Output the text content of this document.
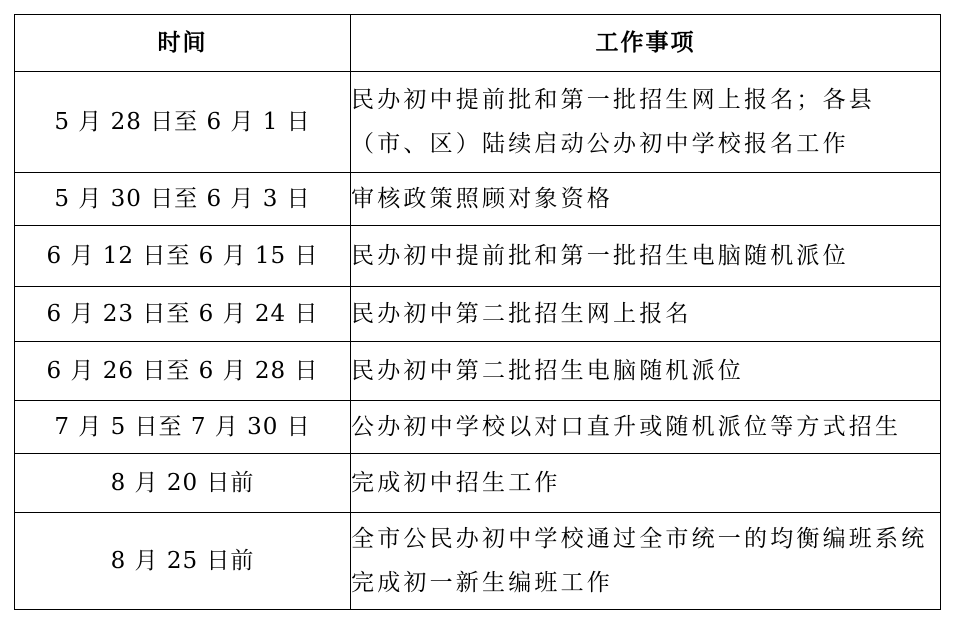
时间	工作事项
5 月 28 日至 6 月 1 日	民办初中提前批和第一批招生网上报名；各县（市、区）陆续启动公办初中学校报名工作
5 月 30 日至 6 月 3 日	审核政策照顾对象资格
6 月 12 日至 6 月 15 日	民办初中提前批和第一批招生电脑随机派位
6 月 23 日至 6 月 24 日	民办初中第二批招生网上报名
6 月 26 日至 6 月 28 日	民办初中第二批招生电脑随机派位
7 月 5 日至 7 月 30 日	公办初中学校以对口直升或随机派位等方式招生
8 月 20 日前	完成初中招生工作
8 月 25 日前	全市公民办初中学校通过全市统一的均衡编班系统完成初一新生编班工作
